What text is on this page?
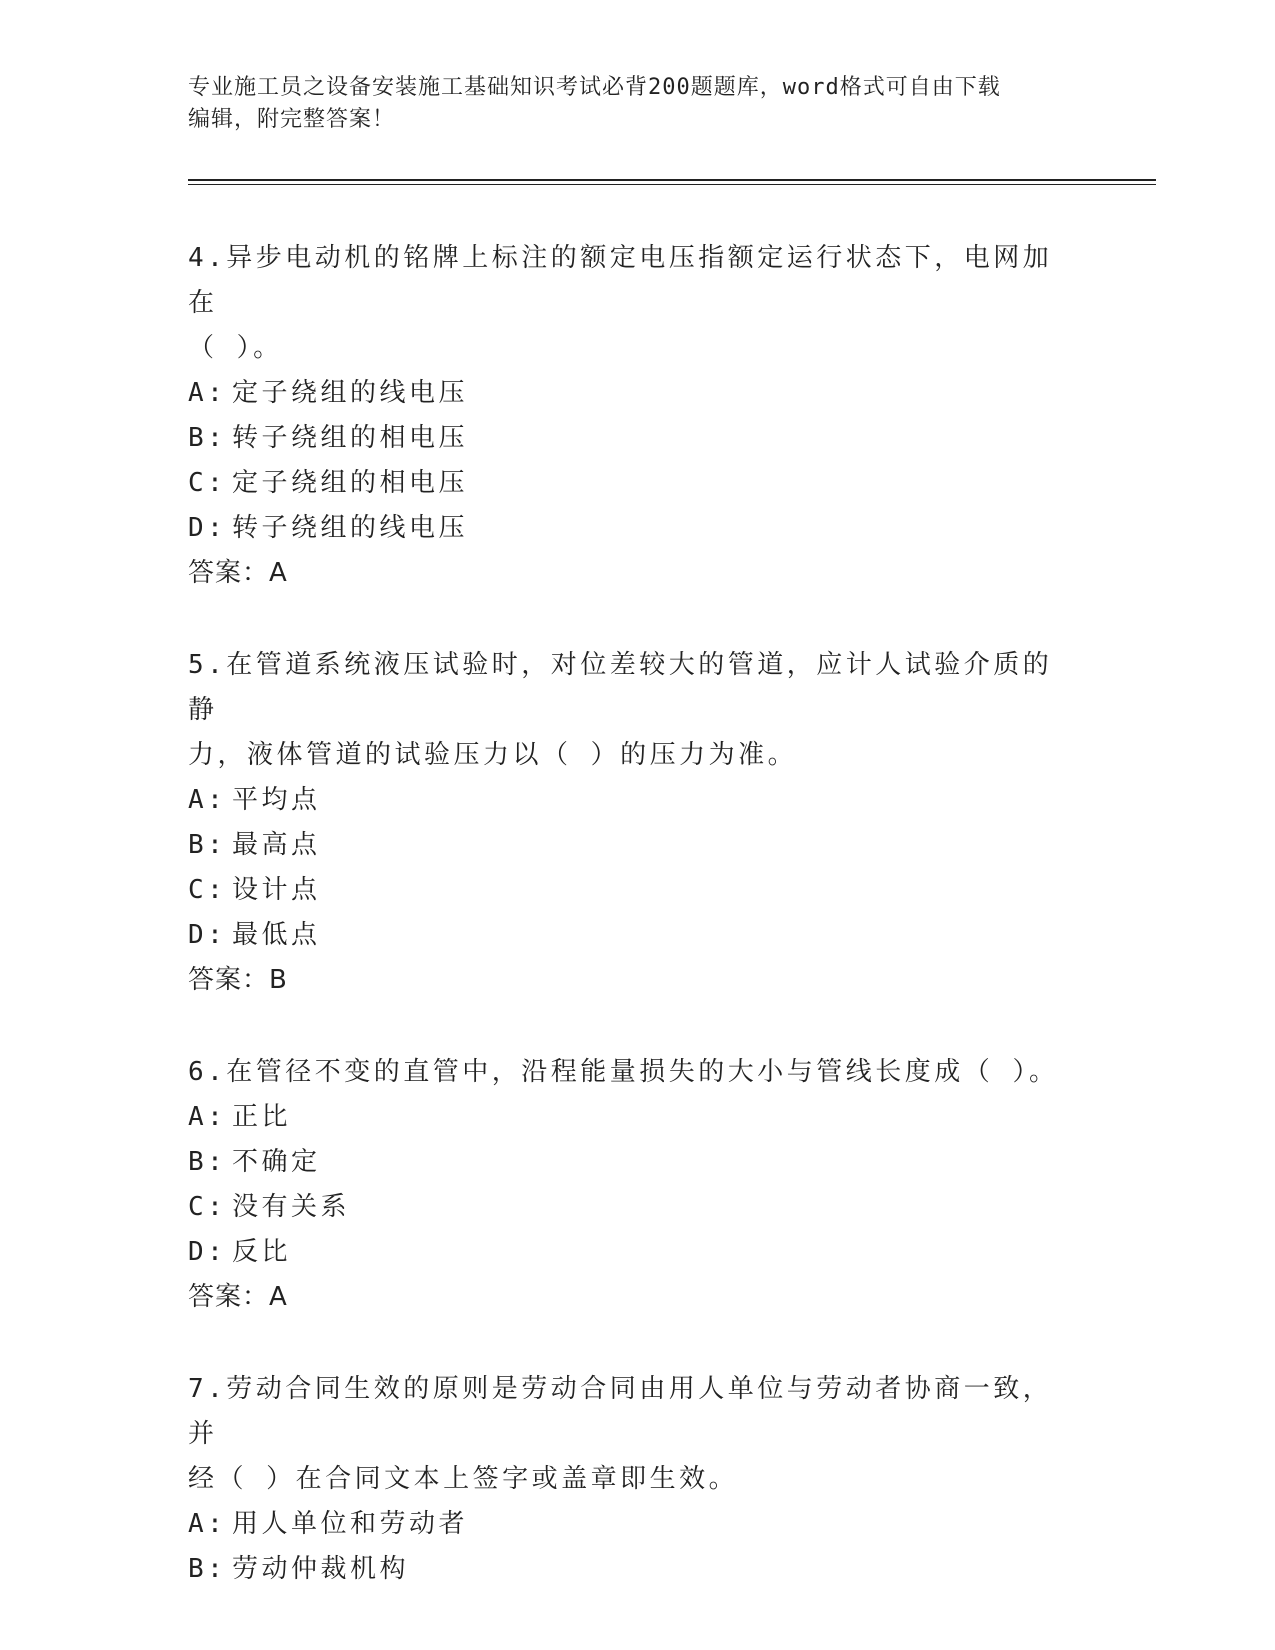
专业施工员之设备安装施工基础知识考试必背200题题库，word格式可自由下载
编辑，附完整答案！
4.异步电动机的铭牌上标注的额定电压指额定运行状态下，电网加在
（ ）。
A: 定子绕组的线电压
B: 转子绕组的相电压
C: 定子绕组的相电压
D: 转子绕组的线电压
答案：A
5.在管道系统液压试验时，对位差较大的管道，应计人试验介质的静
力，液体管道的试验压力以（ ）的压力为准。
A: 平均点
B: 最高点
C: 设计点
D: 最低点
答案：B
6.在管径不变的直管中，沿程能量损失的大小与管线长度成（ ）。
A: 正比
B: 不确定
C: 没有关系
D: 反比
答案：A
7.劳动合同生效的原则是劳动合同由用人单位与劳动者协商一致，并
经（ ）在合同文本上签字或盖章即生效。
A: 用人单位和劳动者
B: 劳动仲裁机构
